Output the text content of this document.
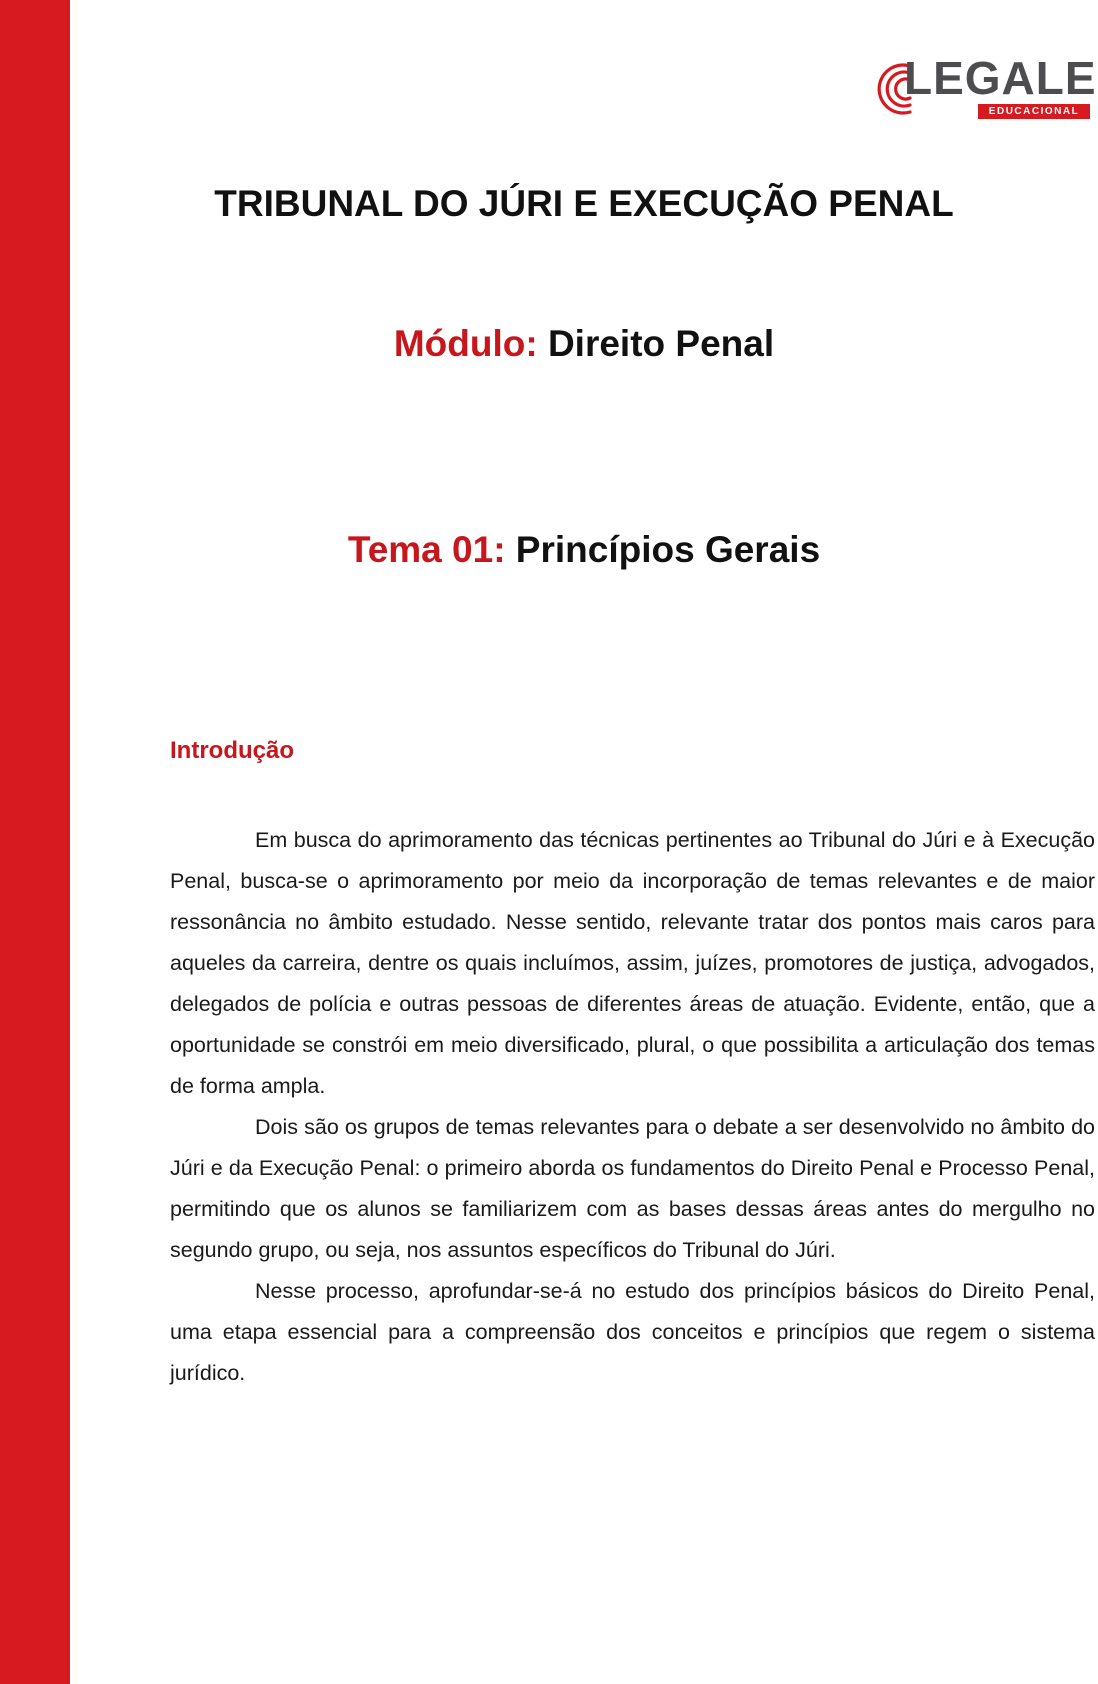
LEGALE
EDUCACIONAL
TRIBUNAL DO JÚRI E EXECUÇÃO PENAL
Módulo: Direito Penal
Tema 01: Princípios Gerais
Introdução

Em busca do aprimoramento das técnicas pertinentes ao Tribunal do Júri e à Execução Penal, busca-se o aprimoramento por meio da incorporação de temas relevantes e de maior ressonância no âmbito estudado. Nesse sentido, relevante tratar dos pontos mais caros para aqueles da carreira, dentre os quais incluímos, assim, juízes, promotores de justiça, advogados, delegados de polícia e outras pessoas de diferentes áreas de atuação. Evidente, então, que a oportunidade se constrói em meio diversificado, plural, o que possibilita a articulação dos temas de forma ampla.

Dois são os grupos de temas relevantes para o debate a ser desenvolvido no âmbito do Júri e da Execução Penal: o primeiro aborda os fundamentos do Direito Penal e Processo Penal, permitindo que os alunos se familiarizem com as bases dessas áreas antes do mergulho no segundo grupo, ou seja, nos assuntos específicos do Tribunal do Júri.

Nesse processo, aprofundar-se-á no estudo dos princípios básicos do Direito Penal, uma etapa essencial para a compreensão dos conceitos e princípios que regem o sistema jurídico.
